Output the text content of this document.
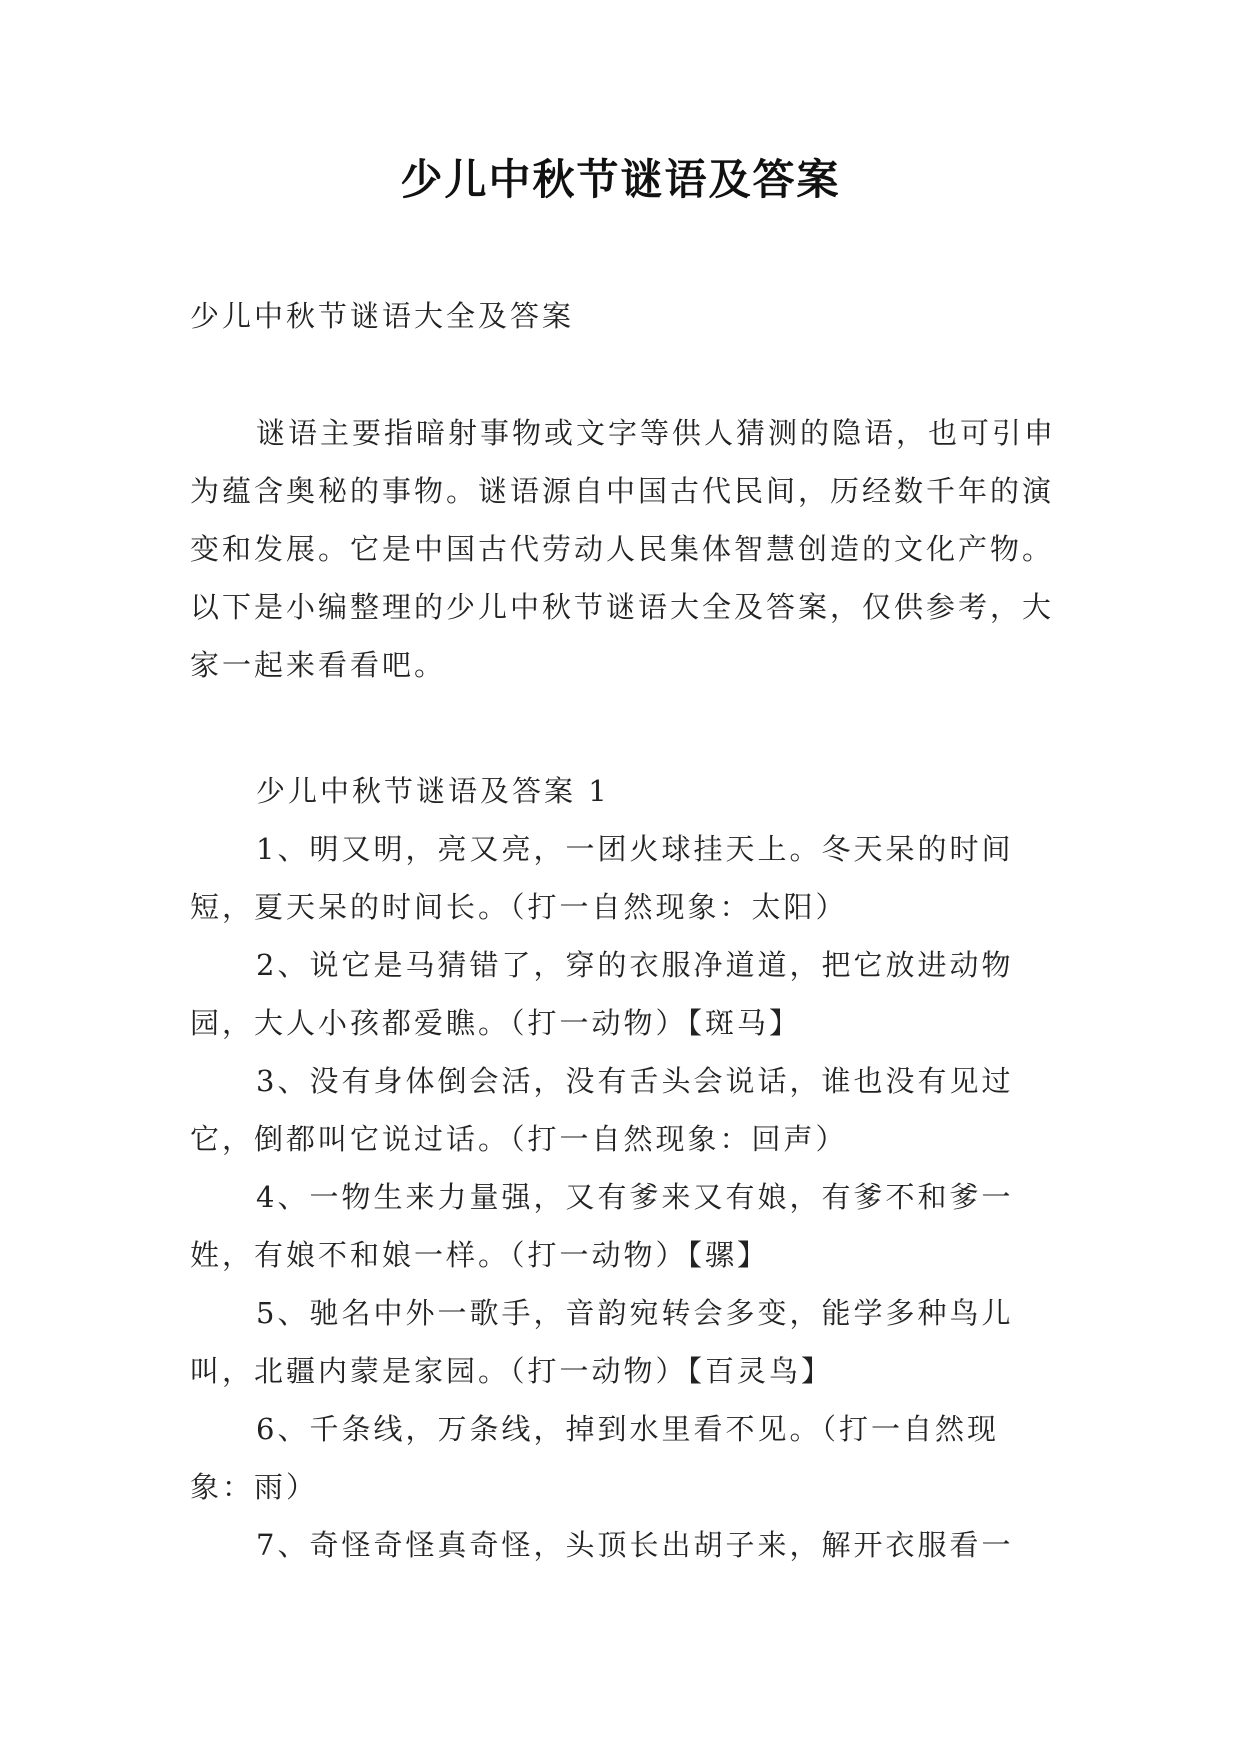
少儿中秋节谜语及答案
少儿中秋节谜语大全及答案
谜语主要指暗射事物或文字等供人猜测的隐语，也可引申为蕴含奥秘的事物。谜语源自中国古代民间，历经数千年的演变和发展。它是中国古代劳动人民集体智慧创造的文化产物。以下是小编整理的少儿中秋节谜语大全及答案，仅供参考，大家一起来看看吧。

少儿中秋节谜语及答案 1

1、明又明，亮又亮，一团火球挂天上。冬天呆的时间短，夏天呆的时间长。（打一自然现象：太阳）

2、说它是马猜错了，穿的衣服净道道，把它放进动物园，大人小孩都爱瞧。（打一动物）【斑马】

3、没有身体倒会活，没有舌头会说话，谁也没有见过它，倒都叫它说过话。（打一自然现象：回声）

4、一物生来力量强，又有爹来又有娘，有爹不和爹一姓，有娘不和娘一样。（打一动物）【骡】

5、驰名中外一歌手，音韵宛转会多变，能学多种鸟儿叫，北疆内蒙是家园。（打一动物）【百灵鸟】

6、千条线，万条线，掉到水里看不见。（打一自然现象：雨）

7、奇怪奇怪真奇怪，头顶长出胡子来，解开衣服看一
